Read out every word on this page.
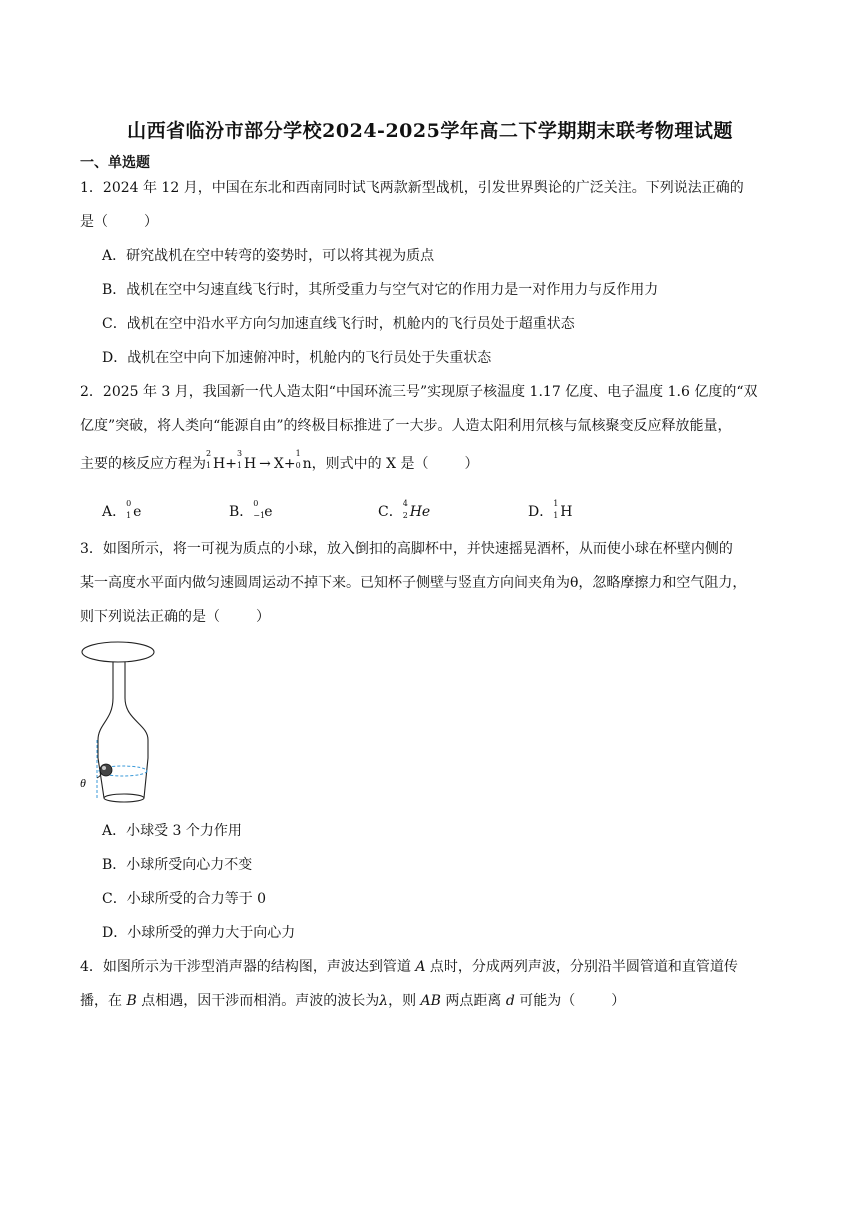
山西省临汾市部分学校2024-2025学年高二下学期期末联考物理试题
一、单选题
1．2024 年 12 月，中国在东北和西南同时试飞两款新型战机，引发世界舆论的广泛关注。下列说法正确的
是（	）
A．研究战机在空中转弯的姿势时，可以将其视为质点
B．战机在空中匀速直线飞行时，其所受重力与空气对它的作用力是一对作用力与反作用力
C．战机在空中沿水平方向匀加速直线飞行时，机舱内的飞行员处于超重状态
D．战机在空中向下加速俯冲时，机舱内的飞行员处于失重状态
2．2025 年 3 月，我国新一代人造太阳“中国环流三号”实现原子核温度 1.17 亿度、电子温度 1.6 亿度的“双
亿度”突破，将人类向“能源自由”的终极目标推进了一大步。人造太阳利用氘核与氚核聚变反应释放能量，
主要的核反应方程为
2
1 H+
3
1 H → X+
1
0 n，则式中的 X 是（	）
A．
0
1 e	B．
0
−1 e	C．
4
2 He	D．
1
1 H
3．如图所示，将一可视为质点的小球，放入倒扣的高脚杯中，并快速摇晃酒杯，从而使小球在杯壁内侧的
某一高度水平面内做匀速圆周运动不掉下来。已知杯子侧壁与竖直方向间夹角为θ，忽略摩擦力和空气阻力，
则下列说法正确的是（	）
θ
A．小球受 3 个力作用
B．小球所受向心力不变
C．小球所受的合力等于 0
D．小球所受的弹力大于向心力
4．如图所示为干涉型消声器的结构图，声波达到管道 A 点时，分成两列声波，分别沿半圆管道和直管道传
播，在 B 点相遇，因干涉而相消。声波的波长为λ，则 AB 两点距离 d 可能为（	）
